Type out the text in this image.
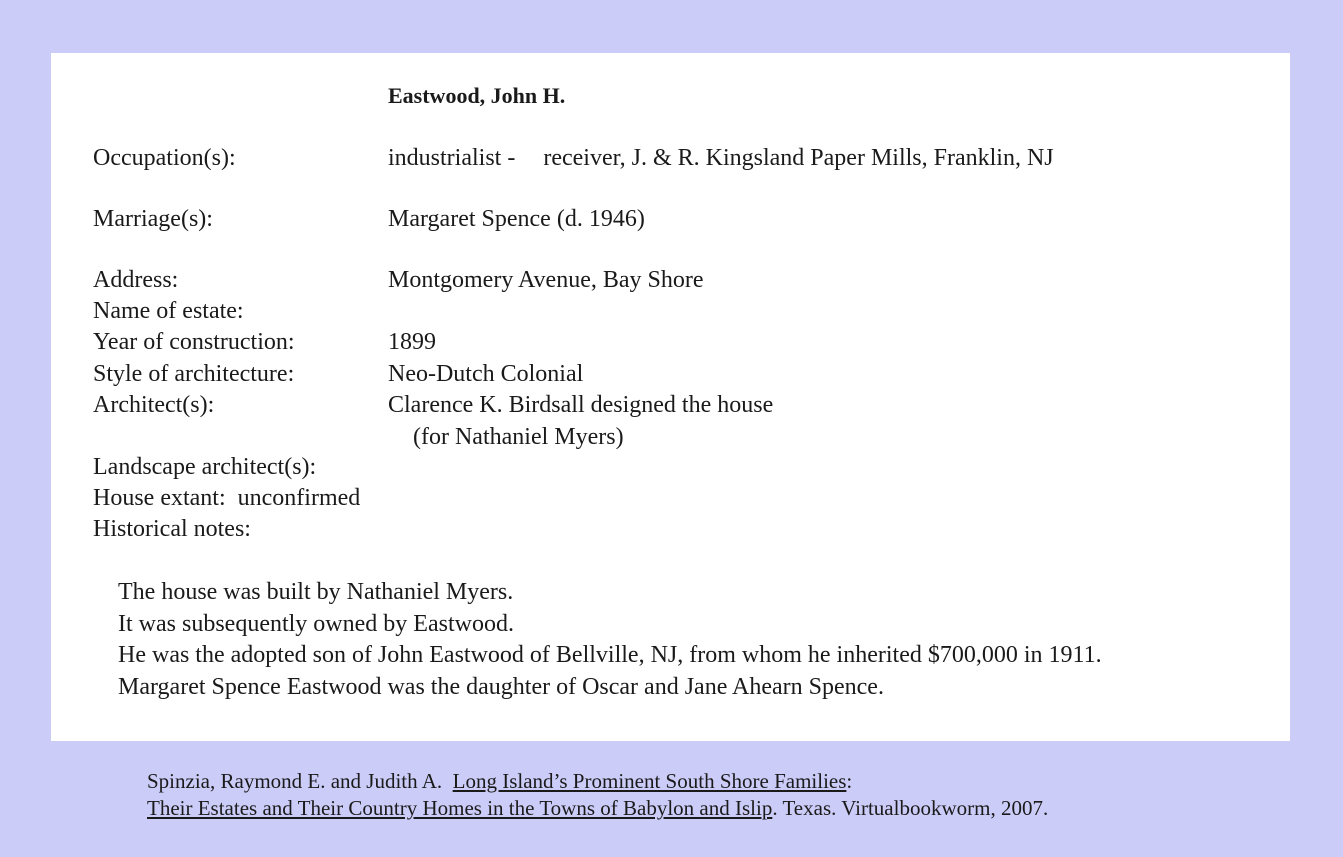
Eastwood, John H.
Occupation(s):	industrialist - receiver, J. & R. Kingsland Paper Mills, Franklin, NJ
Marriage(s):	Margaret Spence (d. 1946)
Address:	Montgomery Avenue, Bay Shore
Name of estate:
Year of construction:	1899
Style of architecture:	Neo-Dutch Colonial
Architect(s):	Clarence K. Birdsall designed the house
(for Nathaniel Myers)
Landscape architect(s):
House extant: unconfirmed
Historical notes:
The house was built by Nathaniel Myers.
It was subsequently owned by Eastwood.
He was the adopted son of John Eastwood of Bellville, NJ, from whom he inherited $700,000 in 1911.
Margaret Spence Eastwood was the daughter of Oscar and Jane Ahearn Spence.
Spinzia, Raymond E. and Judith A. Long Island’s Prominent South Shore Families:
Their Estates and Their Country Homes in the Towns of Babylon and Islip. Texas. Virtualbookworm, 2007.
